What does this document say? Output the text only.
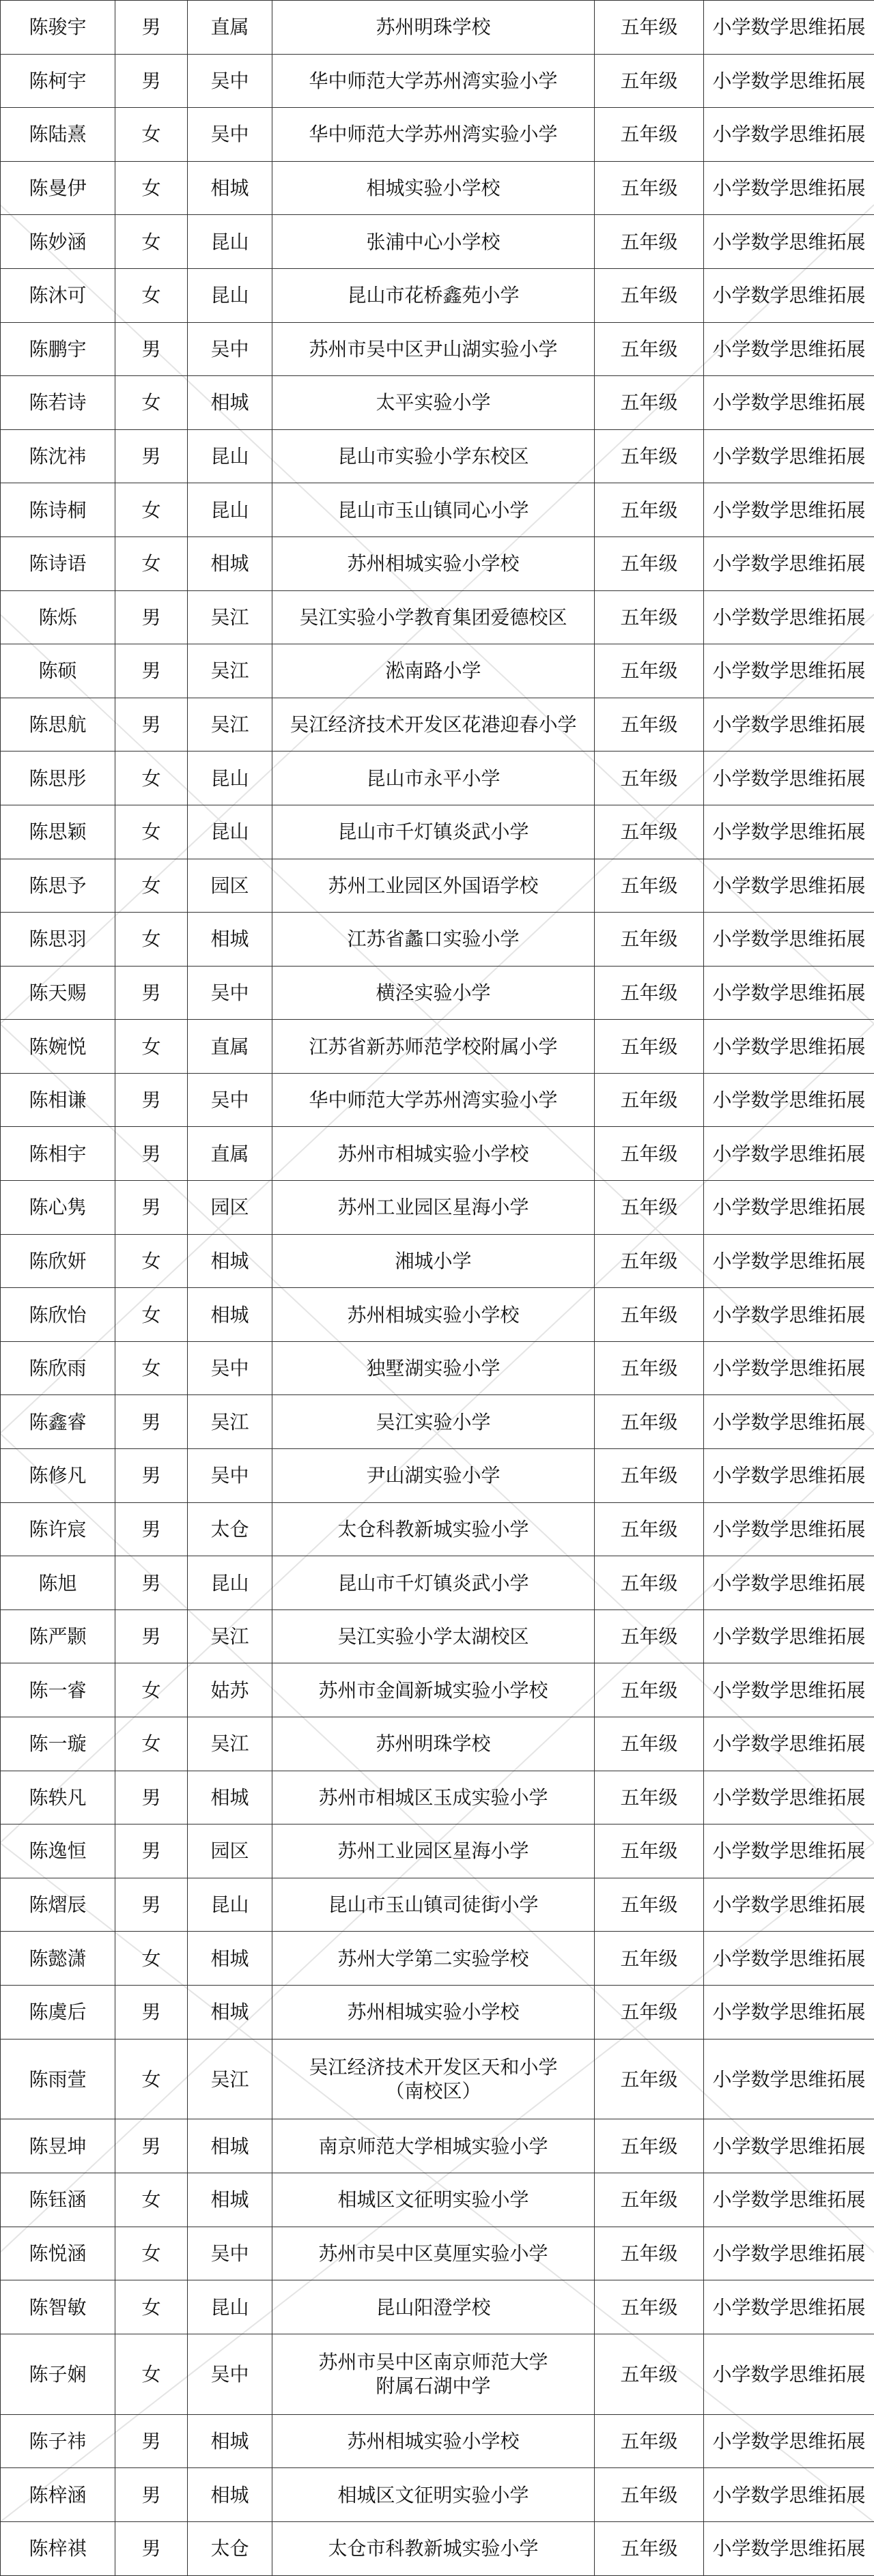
陈骏宇	男	直属	苏州明珠学校	五年级	小学数学思维拓展
陈柯宇	男	吴中	华中师范大学苏州湾实验小学	五年级	小学数学思维拓展
陈陆熹	女	吴中	华中师范大学苏州湾实验小学	五年级	小学数学思维拓展
陈曼伊	女	相城	相城实验小学校	五年级	小学数学思维拓展
陈妙涵	女	昆山	张浦中心小学校	五年级	小学数学思维拓展
陈沐可	女	昆山	昆山市花桥鑫苑小学	五年级	小学数学思维拓展
陈鹏宇	男	吴中	苏州市吴中区尹山湖实验小学	五年级	小学数学思维拓展
陈若诗	女	相城	太平实验小学	五年级	小学数学思维拓展
陈沈祎	男	昆山	昆山市实验小学东校区	五年级	小学数学思维拓展
陈诗桐	女	昆山	昆山市玉山镇同心小学	五年级	小学数学思维拓展
陈诗语	女	相城	苏州相城实验小学校	五年级	小学数学思维拓展
陈烁	男	吴江	吴江实验小学教育集团爱德校区	五年级	小学数学思维拓展
陈硕	男	吴江	淞南路小学	五年级	小学数学思维拓展
陈思航	男	吴江	吴江经济技术开发区花港迎春小学	五年级	小学数学思维拓展
陈思彤	女	昆山	昆山市永平小学	五年级	小学数学思维拓展
陈思颖	女	昆山	昆山市千灯镇炎武小学	五年级	小学数学思维拓展
陈思予	女	园区	苏州工业园区外国语学校	五年级	小学数学思维拓展
陈思羽	女	相城	江苏省蠡口实验小学	五年级	小学数学思维拓展
陈天赐	男	吴中	横泾实验小学	五年级	小学数学思维拓展
陈婉悦	女	直属	江苏省新苏师范学校附属小学	五年级	小学数学思维拓展
陈相谦	男	吴中	华中师范大学苏州湾实验小学	五年级	小学数学思维拓展
陈相宇	男	直属	苏州市相城实验小学校	五年级	小学数学思维拓展
陈心隽	男	园区	苏州工业园区星海小学	五年级	小学数学思维拓展
陈欣妍	女	相城	湘城小学	五年级	小学数学思维拓展
陈欣怡	女	相城	苏州相城实验小学校	五年级	小学数学思维拓展
陈欣雨	女	吴中	独墅湖实验小学	五年级	小学数学思维拓展
陈鑫睿	男	吴江	吴江实验小学	五年级	小学数学思维拓展
陈修凡	男	吴中	尹山湖实验小学	五年级	小学数学思维拓展
陈许宸	男	太仓	太仓科教新城实验小学	五年级	小学数学思维拓展
陈旭	男	昆山	昆山市千灯镇炎武小学	五年级	小学数学思维拓展
陈严颢	男	吴江	吴江实验小学太湖校区	五年级	小学数学思维拓展
陈一睿	女	姑苏	苏州市金阊新城实验小学校	五年级	小学数学思维拓展
陈一璇	女	吴江	苏州明珠学校	五年级	小学数学思维拓展
陈轶凡	男	相城	苏州市相城区玉成实验小学	五年级	小学数学思维拓展
陈逸恒	男	园区	苏州工业园区星海小学	五年级	小学数学思维拓展
陈熠辰	男	昆山	昆山市玉山镇司徒街小学	五年级	小学数学思维拓展
陈懿潇	女	相城	苏州大学第二实验学校	五年级	小学数学思维拓展
陈虞后	男	相城	苏州相城实验小学校	五年级	小学数学思维拓展
陈雨萱	女	吴江	吴江经济技术开发区天和小学
（南校区）	五年级	小学数学思维拓展
陈昱坤	男	相城	南京师范大学相城实验小学	五年级	小学数学思维拓展
陈钰涵	女	相城	相城区文征明实验小学	五年级	小学数学思维拓展
陈悦涵	女	吴中	苏州市吴中区莫厘实验小学	五年级	小学数学思维拓展
陈智敏	女	昆山	昆山阳澄学校	五年级	小学数学思维拓展
陈子娴	女	吴中	苏州市吴中区南京师范大学
附属石湖中学	五年级	小学数学思维拓展
陈子祎	男	相城	苏州相城实验小学校	五年级	小学数学思维拓展
陈梓涵	男	相城	相城区文征明实验小学	五年级	小学数学思维拓展
陈梓祺	男	太仓	太仓市科教新城实验小学	五年级	小学数学思维拓展
